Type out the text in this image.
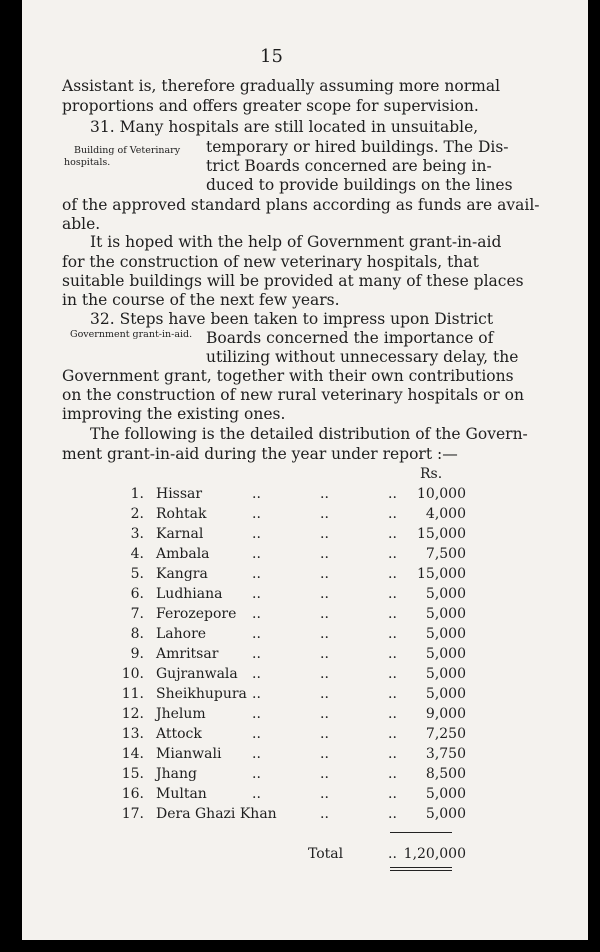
15
Assistant is, therefore gradually assuming more normal
proportions and offers greater scope for supervision.
31. Many hospitals are still located in unsuitable,
Building of Veterinary
hospitals.
temporary or hired buildings. The Dis-
trict Boards concerned are being in-
duced to provide buildings on the lines
of the approved standard plans according as funds are avail-
able.
It is hoped with the help of Government grant-in-aid
for the construction of new veterinary hospitals, that
suitable buildings will be provided at many of these places
in the course of the next few years.
32. Steps have been taken to impress upon District
Government grant-in-aid. Boards concerned the importance of
utilizing without unnecessary delay, the
Government grant, together with their own contributions
on the construction of new rural veterinary hospitals or on
improving the existing ones.
The following is the detailed distribution of the Govern-
ment grant-in-aid during the year under report :—
Rs.
1. Hissar	..	..	.. 10,000
2. Rohtak	..	..	.. 4,000
3. Karnal	..	..	.. 15,000
4. Ambala	..	..	.. 7,500
5. Kangra	..	..	.. 15,000
6. Ludhiana ..	..	.. 5,000
7. Ferozepore ..	..	.. 5,000
8. Lahore	..	..	.. 5,000
9. Amritsar ..	..	.. 5,000
10. Gujranwala ..	..	.. 5,000
11. Sheikhupura ..	..	.. 5,000
12. Jhelum	..	..	.. 9,000
13. Attock	..	..	.. 7,250
14. Mianwali ..	..	.. 3,750
15. Jhang	..	..	.. 8,500
16. Multan	..	..	.. 5,000
17. Dera Ghazi Khan	..	.. 5,000
Total	.. 1,20,000
